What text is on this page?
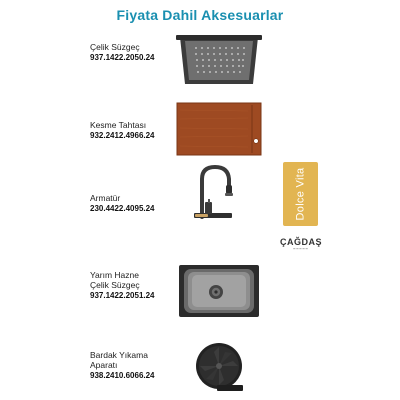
Fiyata Dahil Aksesuarlar
Çelik Süzgeç
937.1422.2050.24
Kesme Tahtası
932.2412.4966.24
Armatür
230.4422.4095.24
Yarım Hazne
Çelik Süzgeç
937.1422.2051.24
Bardak Yıkama
Aparatı
938.2410.6066.24
Dolce Vita
ÇAĞDAŞ
━━━━━
